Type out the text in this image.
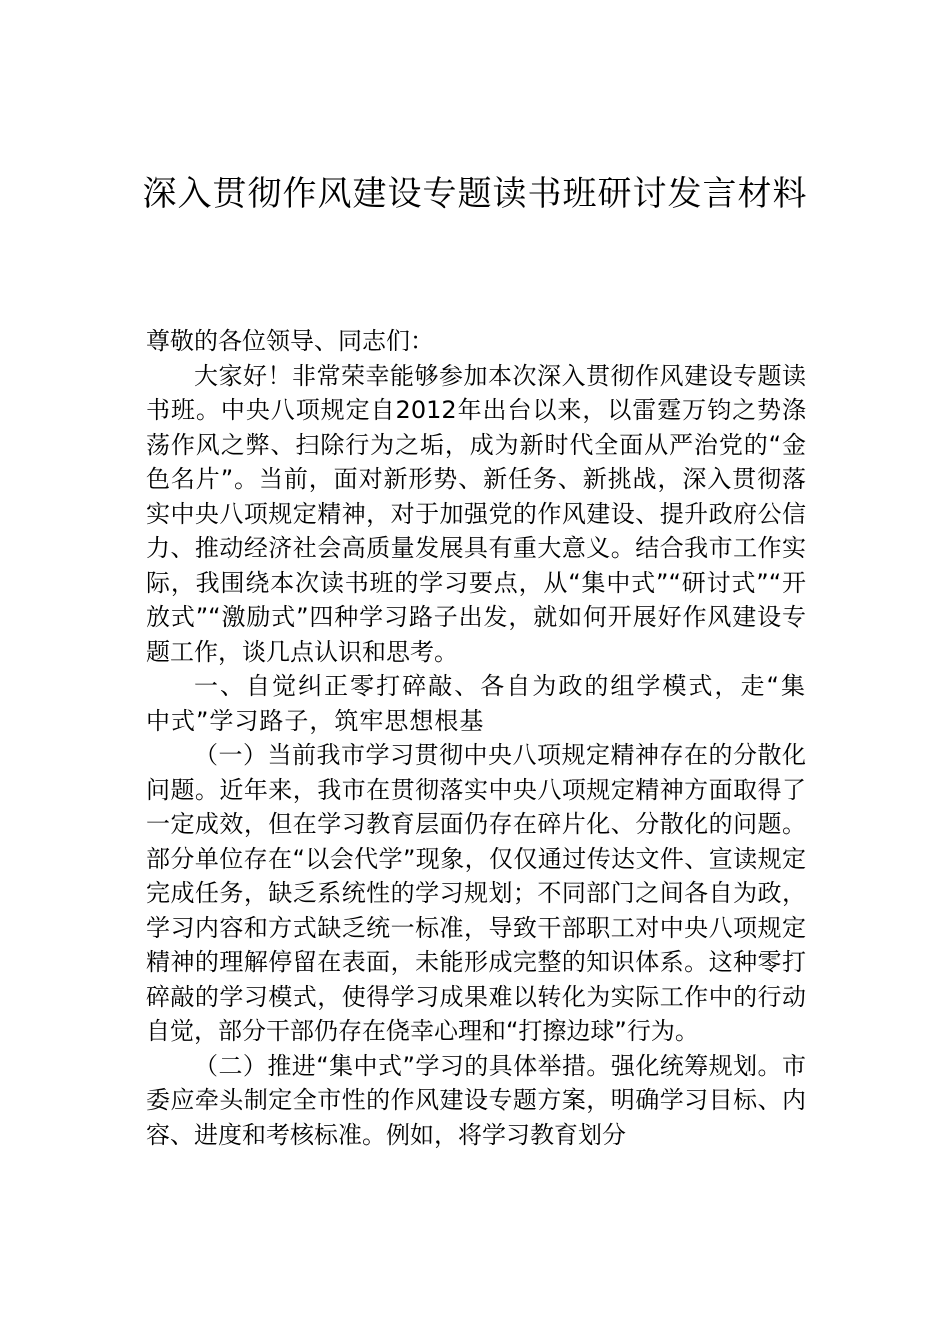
深入贯彻作风建设专题读书班研讨发言材料

尊敬的各位领导、同志们：

大家好！非常荣幸能够参加本次深入贯彻作风建设专题读书班。中央八项规定自2012年出台以来，以雷霆万钧之势涤荡作风之弊、扫除行为之垢，成为新时代全面从严治党的“金色名片”。当前，面对新形势、新任务、新挑战，深入贯彻落实中央八项规定精神，对于加强党的作风建设、提升政府公信力、推动经济社会高质量发展具有重大意义。结合我市工作实际，我围绕本次读书班的学习要点，从“集中式”“研讨式”“开放式”“激励式”四种学习路子出发，就如何开展好作风建设专题工作，谈几点认识和思考。

一、自觉纠正零打碎敲、各自为政的组学模式，走“集中式”学习路子，筑牢思想根基

（一）当前我市学习贯彻中央八项规定精神存在的分散化问题。近年来，我市在贯彻落实中央八项规定精神方面取得了一定成效，但在学习教育层面仍存在碎片化、分散化的问题。部分单位存在“以会代学”现象，仅仅通过传达文件、宣读规定完成任务，缺乏系统性的学习规划；不同部门之间各自为政，学习内容和方式缺乏统一标准，导致干部职工对中央八项规定精神的理解停留在表面，未能形成完整的知识体系。这种零打碎敲的学习模式，使得学习成果难以转化为实际工作中的行动自觉，部分干部仍存在侥幸心理和“打擦边球”行为。

（二）推进“集中式”学习的具体举措。强化统筹规划。市委应牵头制定全市性的作风建设专题方案，明确学习目标、内容、进度和考核标准。例如，将学习教育划分
